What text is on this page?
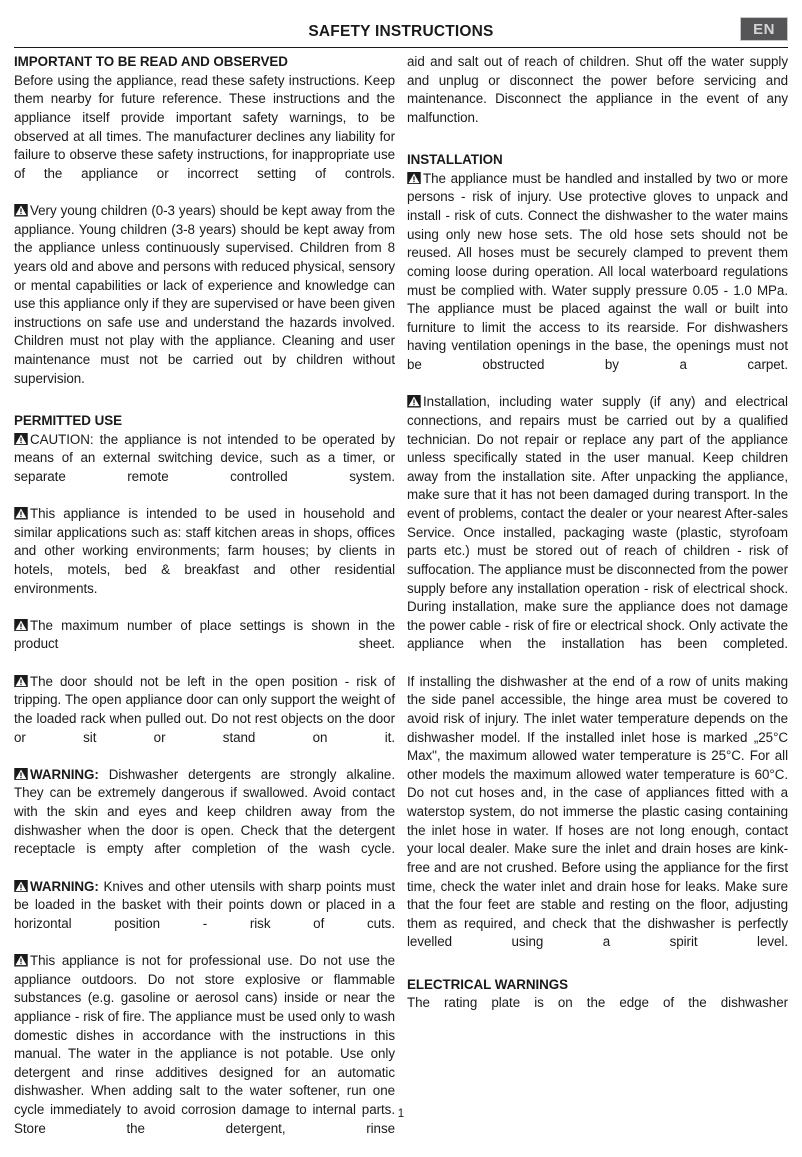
SAFETY INSTRUCTIONS	EN
IMPORTANT TO BE READ AND OBSERVED

Before using the appliance, read these safety instructions. Keep them nearby for future reference. These instructions and the appliance itself provide important safety warnings, to be observed at all times. The manufacturer declines any liability for failure to observe these safety instructions, for inappropriate use of the appliance or incorrect setting of controls.

Very young children (0-3 years) should be kept away from the appliance. Young children (3-8 years) should be kept away from the appliance unless continuously supervised. Children from 8 years old and above and persons with reduced physical, sensory or mental capabilities or lack of experience and knowledge can use this appliance only if they are supervised or have been given instructions on safe use and understand the hazards involved. Children must not play with the appliance. Cleaning and user maintenance must not be carried out by children without supervision.

PERMITTED USE

CAUTION: the appliance is not intended to be operated by means of an external switching device, such as a timer, or separate remote controlled system.

This appliance is intended to be used in household and similar applications such as: staff kitchen areas in shops, offices and other working environments; farm houses; by clients in hotels, motels, bed & breakfast and other residential environments.

The maximum number of place settings is shown in the product sheet.

The door should not be left in the open position - risk of tripping. The open appliance door can only support the weight of the loaded rack when pulled out. Do not rest objects on the door or sit or stand on it.

WARNING: Dishwasher detergents are strongly alkaline. They can be extremely dangerous if swallowed. Avoid contact with the skin and eyes and keep children away from the dishwasher when the door is open. Check that the detergent receptacle is empty after completion of the wash cycle.

WARNING: Knives and other utensils with sharp points must be loaded in the basket with their points down or placed in a horizontal position - risk of cuts.

This appliance is not for professional use. Do not use the appliance outdoors. Do not store explosive or flammable substances (e.g. gasoline or aerosol cans) inside or near the appliance - risk of fire. The appliance must be used only to wash domestic dishes in accordance with the instructions in this manual. The water in the appliance is not potable. Use only detergent and rinse additives designed for an automatic dishwasher. When adding salt to the water softener, run one cycle immediately to avoid corrosion damage to internal parts. Store the detergent, rinse

aid and salt out of reach of children. Shut off the water supply and unplug or disconnect the power before servicing and maintenance. Disconnect the appliance in the event of any malfunction.

INSTALLATION

The appliance must be handled and installed by two or more persons - risk of injury. Use protective gloves to unpack and install - risk of cuts. Connect the dishwasher to the water mains using only new hose sets. The old hose sets should not be reused. All hoses must be securely clamped to prevent them coming loose during operation. All local waterboard regulations must be complied with. Water supply pressure 0.05 - 1.0 MPa. The appliance must be placed against the wall or built into furniture to limit the access to its rearside. For dishwashers having ventilation openings in the base, the openings must not be obstructed by a carpet.

Installation, including water supply (if any) and electrical connections, and repairs must be carried out by a qualified technician. Do not repair or replace any part of the appliance unless specifically stated in the user manual. Keep children away from the installation site. After unpacking the appliance, make sure that it has not been damaged during transport. In the event of problems, contact the dealer or your nearest After-sales Service. Once installed, packaging waste (plastic, styrofoam parts etc.) must be stored out of reach of children - risk of suffocation. The appliance must be disconnected from the power supply before any installation operation - risk of electrical shock. During installation, make sure the appliance does not damage the power cable - risk of fire or electrical shock. Only activate the appliance when the installation has been completed.

If installing the dishwasher at the end of a row of units making the side panel accessible, the hinge area must be covered to avoid risk of injury. The inlet water temperature depends on the dishwasher model. If the installed inlet hose is marked „25°C Max", the maximum allowed water temperature is 25°C. For all other models the maximum allowed water temperature is 60°C. Do not cut hoses and, in the case of appliances fitted with a waterstop system, do not immerse the plastic casing containing the inlet hose in water. If hoses are not long enough, contact your local dealer. Make sure the inlet and drain hoses are kink-free and are not crushed. Before using the appliance for the first time, check the water inlet and drain hose for leaks. Make sure that the four feet are stable and resting on the floor, adjusting them as required, and check that the dishwasher is perfectly levelled using a spirit level.

ELECTRICAL WARNINGS

The rating plate is on the edge of the dishwasher

1
